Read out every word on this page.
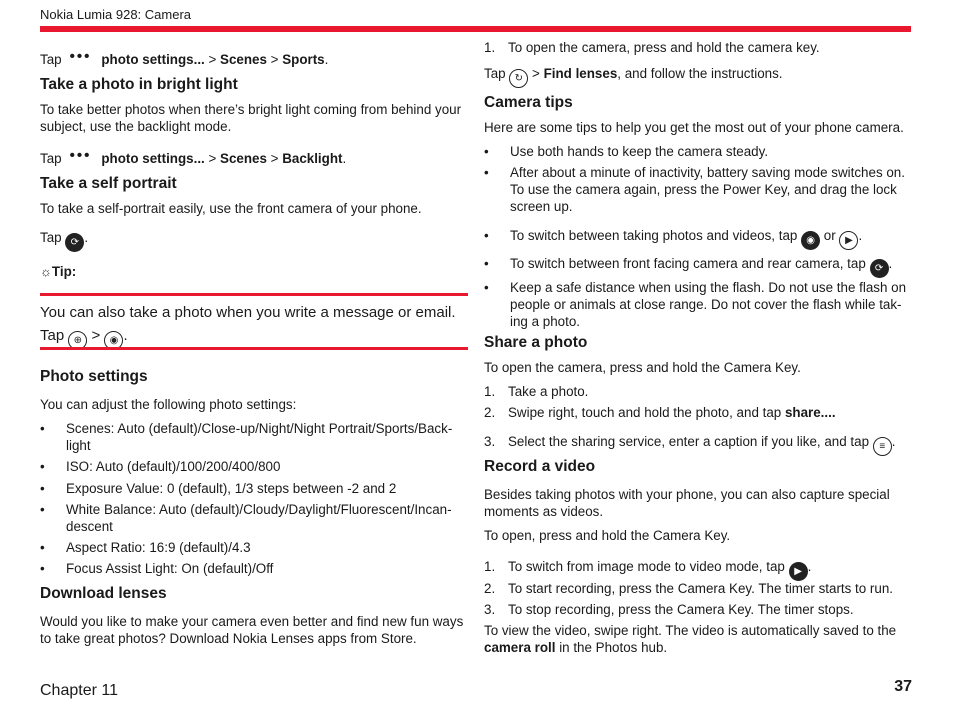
Nokia Lumia 928: Camera
Tap ••• photo settings... > Scenes > Sports.
Take a photo in bright light

To take better photos when there’s bright light coming from behind your subject, use the backlight mode.

Tap ••• photo settings... > Scenes > Backlight.
Take a self portrait

To take a self-portrait easily, use the front camera of your phone.

Tap ⟳ .
☼Tip:
You can also take a photo when you write a message or email.
Tap ⊕ > ◉ .
Photo settings

You can adjust the following photo settings:

• Scenes: Auto (default)/Close-up/Night/Night Portrait/Sports/Back-light
• ISO: Auto (default)/100/200/400/800
• Exposure Value: 0 (default), 1/3 steps between -2 and 2
• White Balance: Auto (default)/Cloudy/Daylight/Fluorescent/Incan-descent
• Aspect Ratio: 16:9 (default)/4.3
• Focus Assist Light: On (default)/Off
Download lenses

Would you like to make your camera even better and find new fun ways to take great photos? Download Nokia Lenses apps from Store.

1. To open the camera, press and hold the camera key.
Tap ↻ > Find lenses, and follow the instructions.
Camera tips

Here are some tips to help you get the most out of your phone camera.

• Use both hands to keep the camera steady.
• After about a minute of inactivity, battery saving mode switches on. To use the camera again, press the Power Key, and drag the lock screen up.
• To switch between taking photos and videos, tap ◉ or ▶ .
• To switch between front facing camera and rear camera, tap ⟳ .
• Keep a safe distance when using the flash. Do not use the flash on people or animals at close range. Do not cover the flash while tak-ing a photo.
Share a photo

To open the camera, press and hold the Camera Key.

1. Take a photo.
2. Swipe right, touch and hold the photo, and tap share....
3. Select the sharing service, enter a caption if you like, and tap ≡ .
Record a video

Besides taking photos with your phone, you can also capture special moments as videos.

To open, press and hold the Camera Key.

1. To switch from image mode to video mode, tap ▶ .
2. To start recording, press the Camera Key. The timer starts to run.
3. To stop recording, press the Camera Key. The timer stops.

To view the video, swipe right. The video is automatically saved to the camera roll in the Photos hub.

Chapter 11	37
